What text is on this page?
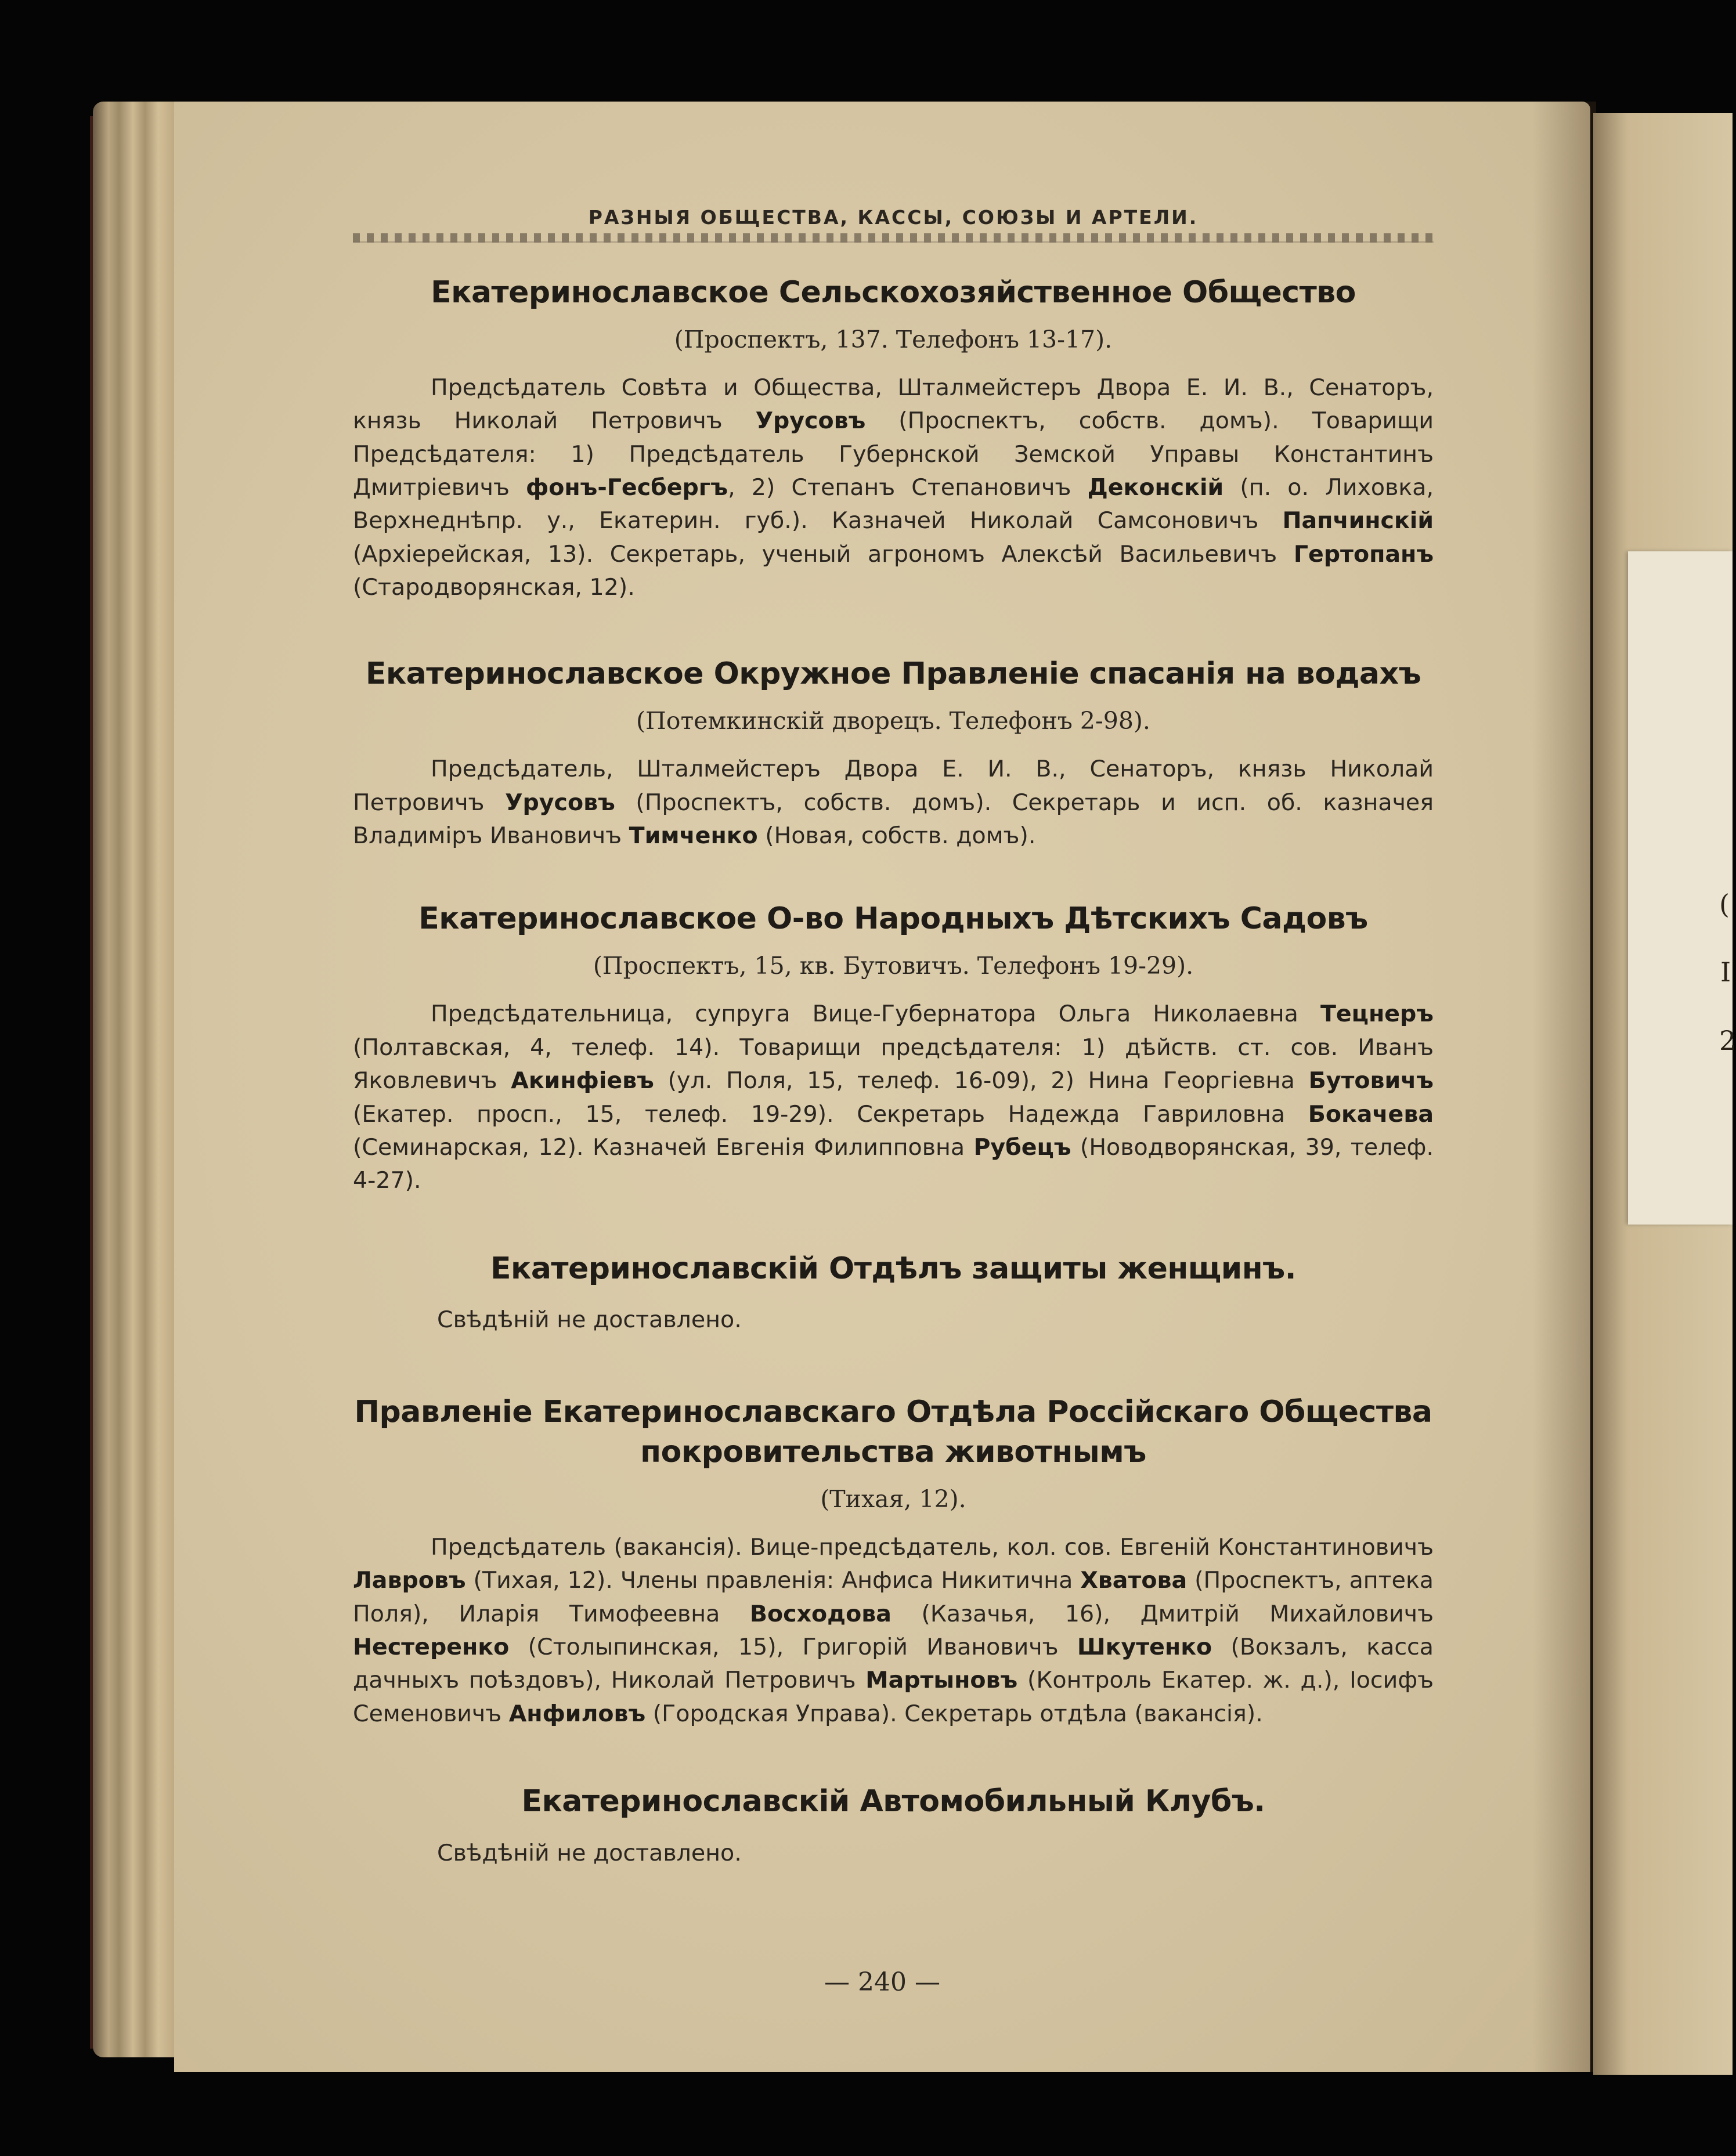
(
I
2
РАЗНЫЯ ОБЩЕСТВА, КАССЫ, СОЮЗЫ И АРТЕЛИ.
Екатеринославское Сельскохозяйственное Общество
(Проспектъ, 137. Телефонъ 13-17).

Предсѣдатель Совѣта и Общества, Шталмейстеръ Двора Е. И. В., Сенаторъ, князь Николай Петровичъ Урусовъ (Проспектъ, собств. домъ). Товарищи Предсѣдателя: 1) Предсѣдатель Губернской Земской Управы Константинъ Дмитріевичъ фонъ-Гесбергъ, 2) Степанъ Степановичъ Деконскій (п. о. Лиховка, Верхнеднѣпр. у., Екатерин. губ.). Казначей Николай Самсоновичъ Папчинскій (Архіерейская, 13). Секретарь, ученый агрономъ Алексѣй Васильевичъ Гертопанъ (Стародворянская, 12).

Екатеринославское Окружное Правленіе спасанія на водахъ
(Потемкинскій дворецъ. Телефонъ 2-98).

Предсѣдатель, Шталмейстеръ Двора Е. И. В., Сенаторъ, князь Николай Петровичъ Урусовъ (Проспектъ, собств. домъ). Секретарь и исп. об. казначея Владиміръ Ивановичъ Тимченко (Новая, собств. домъ).

Екатеринославское О-во Народныхъ Дѣтскихъ Садовъ
(Проспектъ, 15, кв. Бутовичъ. Телефонъ 19-29).

Предсѣдательница, супруга Вице-Губернатора Ольга Николаевна Тецнеръ (Полтавская, 4, телеф. 14). Товарищи предсѣдателя: 1) дѣйств. ст. сов. Иванъ Яковлевичъ Акинфіевъ (ул. Поля, 15, телеф. 16-09), 2) Нина Георгіевна Бутовичъ (Екатер. просп., 15, телеф. 19-29). Секретарь Надежда Гавриловна Бокачева (Семинарская, 12). Казначей Евгенія Филипповна Рубецъ (Новодворянская, 39, телеф. 4-27).

Екатеринославскій Отдѣлъ защиты женщинъ.

Свѣдѣній не доставлено.

Правленіе Екатеринославскаго Отдѣла Россійскаго Общества
покровительства животнымъ
(Тихая, 12).

Предсѣдатель (вакансія). Вице-предсѣдатель, кол. сов. Евгеній Константиновичъ Лавровъ (Тихая, 12). Члены правленія: Анфиса Никитична Хватова (Проспектъ, аптека Поля), Иларія Тимофеевна Восходова (Казачья, 16), Дмитрій Михайловичъ Нестеренко (Столыпинская, 15), Григорій Ивановичъ Шкутенко (Вокзалъ, касса дачныхъ поѣздовъ), Николай Петровичъ Мартыновъ (Контроль Екатер. ж. д.), Іосифъ Семеновичъ Анфиловъ (Городская Управа). Секретарь отдѣла (вакансія).

Екатеринославскій Автомобильный Клубъ.

Свѣдѣній не доставлено.

— 240 —
